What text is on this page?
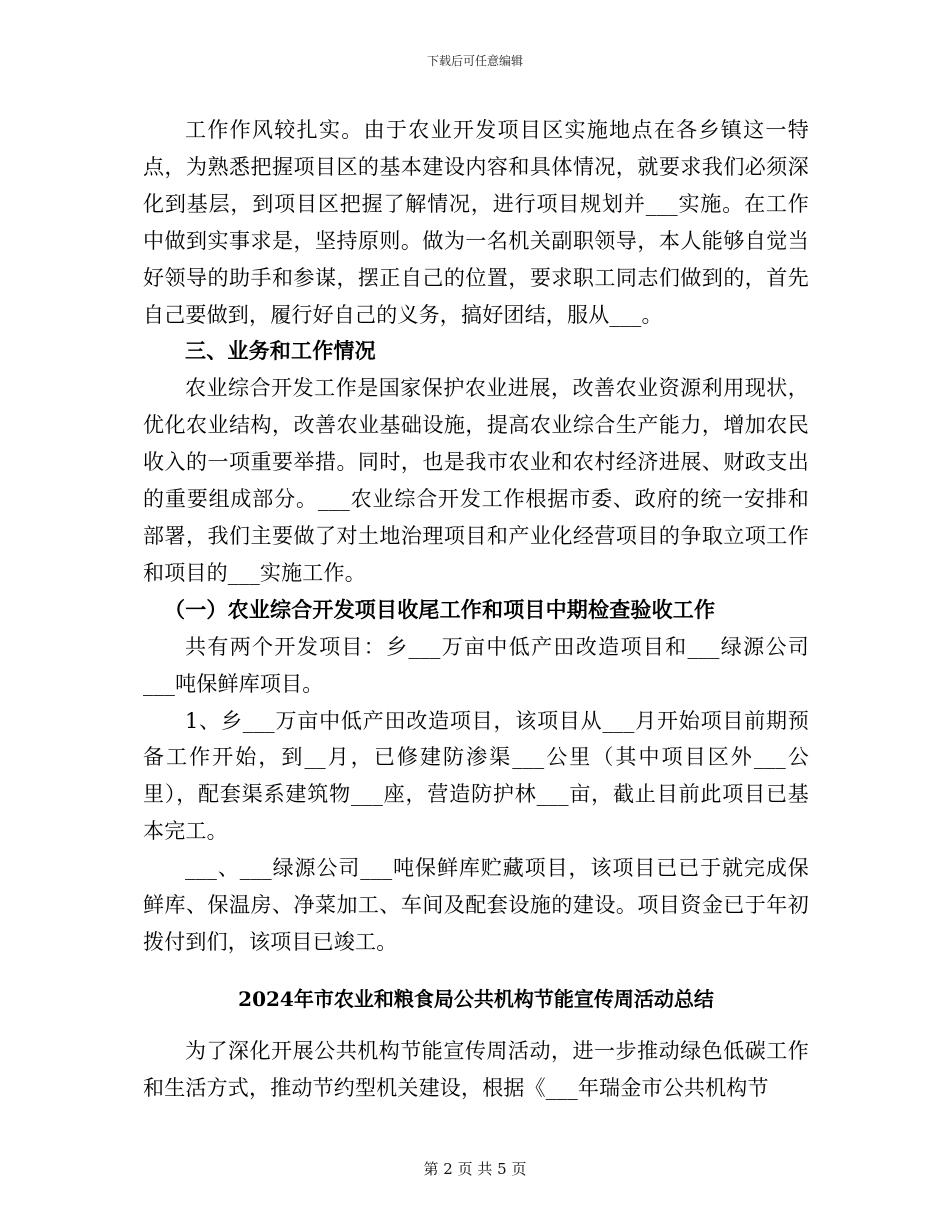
下载后可任意编辑

工作作风较扎实。由于农业开发项目区实施地点在各乡镇这一特点，为熟悉把握项目区的基本建设内容和具体情况，就要求我们必须深化到基层，到项目区把握了解情况，进行项目规划并___实施。在工作中做到实事求是，坚持原则。做为一名机关副职领导，本人能够自觉当好领导的助手和参谋，摆正自己的位置，要求职工同志们做到的，首先自己要做到，履行好自己的义务，搞好团结，服从___。

三、业务和工作情况

农业综合开发工作是国家保护农业进展，改善农业资源利用现状，优化农业结构，改善农业基础设施，提高农业综合生产能力，增加农民收入的一项重要举措。同时，也是我市农业和农村经济进展、财政支出的重要组成部分。___农业综合开发工作根据市委、政府的统一安排和部署，我们主要做了对土地治理项目和产业化经营项目的争取立项工作和项目的___实施工作。

（一）农业综合开发项目收尾工作和项目中期检查验收工作

共有两个开发项目：乡___万亩中低产田改造项目和___绿源公司___吨保鲜库项目。

1、乡___万亩中低产田改造项目，该项目从___月开始项目前期预备工作开始，到__月，已修建防渗渠___公里（其中项目区外___公里），配套渠系建筑物___座，营造防护林___亩，截止目前此项目已基本完工。

___、___绿源公司___吨保鲜库贮藏项目，该项目已已于就完成保鲜库、保温房、净菜加工、车间及配套设施的建设。项目资金已于年初拨付到们，该项目已竣工。

2024年市农业和粮食局公共机构节能宣传周活动总结

为了深化开展公共机构节能宣传周活动，进一步推动绿色低碳工作和生活方式，推动节约型机关建设，根据《___年瑞金市公共机构节

第 2 页 共 5 页
